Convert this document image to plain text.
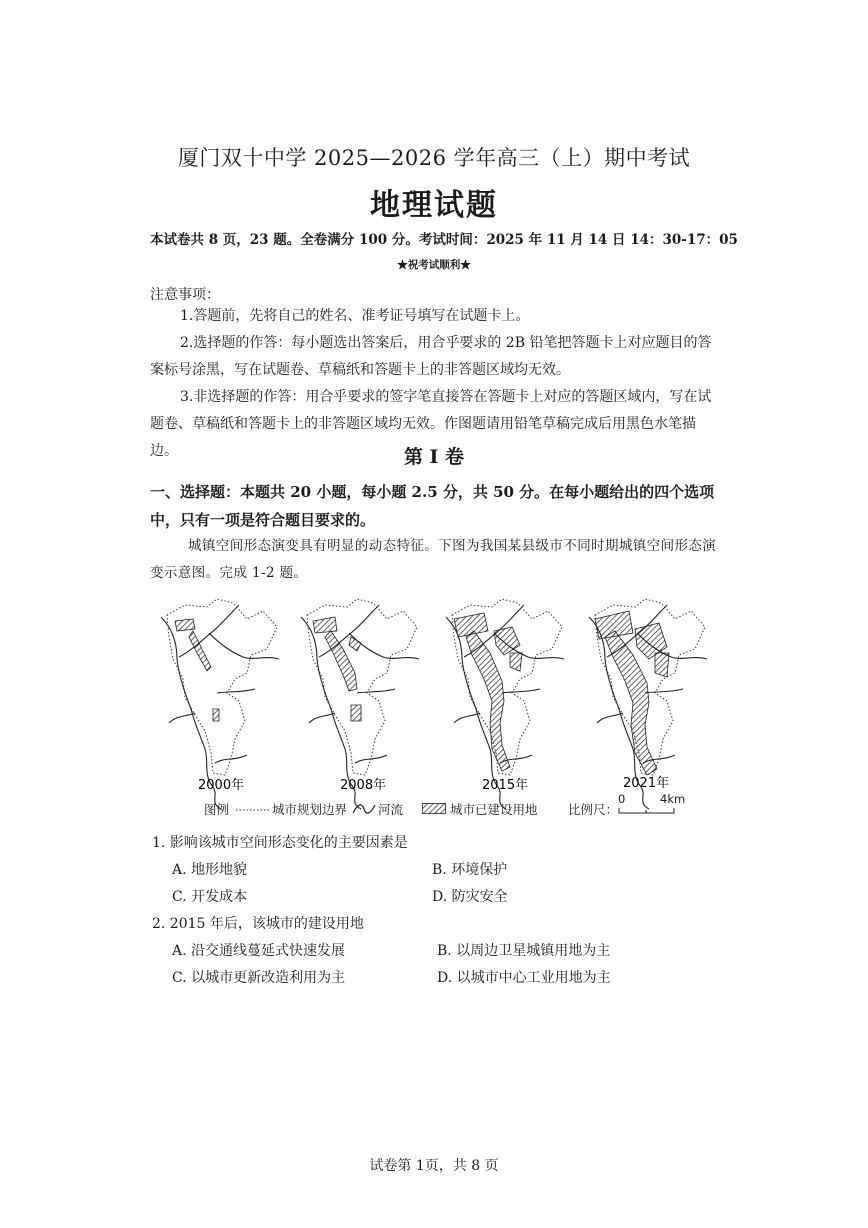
厦门双十中学 2025—2026 学年高三（上）期中考试
地理试题
本试卷共 8 页，23 题。全卷满分 100 分。考试时间：2025 年 11 月 14 日 14：30-17：05
★祝考试顺利★
注意事项：
1.答题前，先将自己的姓名、准考证号填写在试题卡上。
2.选择题的作答：每小题选出答案后，用合乎要求的 2B 铅笔把答题卡上对应题目的答案标号涂黑，写在试题卷、草稿纸和答题卡上的非答题区域均无效。
3.非选择题的作答：用合乎要求的签字笔直接答在答题卡上对应的答题区域内，写在试题卷、草稿纸和答题卡上的非答题区域均无效。作图题请用铅笔草稿完成后用黑色水笔描边。	第 I 卷
一、选择题：本题共 20 小题，每小题 2.5 分，共 50 分。在每小题给出的四个选项中，只有一项是符合题目要求的。
城镇空间形态演变具有明显的动态特征。下图为我国某县级市不同时期城镇空间形态演变示意图。完成 1-2 题。
2000年	2008年	2015年	2021年
图例	城市规划边界 河流	城市已建设用地 比例尺：
0	4km
1. 影响该城市空间形态变化的主要因素是
A. 地形地貌	B. 环境保护
C. 开发成本	D. 防灾安全
2. 2015 年后，该城市的建设用地
A. 沿交通线蔓延式快速发展	B. 以周边卫星城镇用地为主
C. 以城市更新改造利用为主	D. 以城市中心工业用地为主
试卷第 1页，共 8 页
